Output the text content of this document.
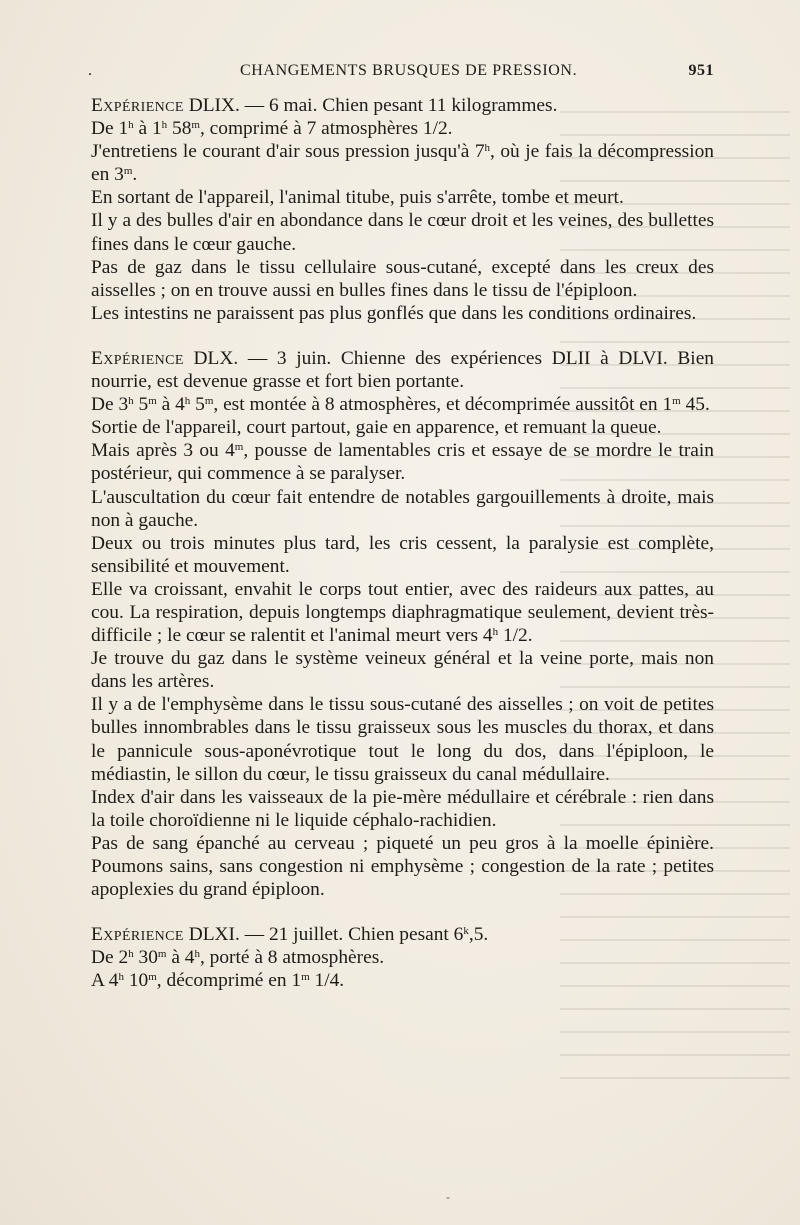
.	CHANGEMENTS BRUSQUES DE PRESSION.	951

Expérience DLIX. — 6 mai. Chien pesant 11 kilogrammes.

De 1$^h$ à 1$^h$ 58$^m$, comprimé à 7 atmosphères 1/2.

J'entretiens le courant d'air sous pression jusqu'à 7$^h$, où je fais la décompression en 3$^m$.

En sortant de l'appareil, l'animal titube, puis s'arrête, tombe et meurt.

Il y a des bulles d'air en abondance dans le cœur droit et les veines, des bullettes fines dans le cœur gauche.

Pas de gaz dans le tissu cellulaire sous-cutané, excepté dans les creux des aisselles ; on en trouve aussi en bulles fines dans le tissu de l'épiploon.

Les intestins ne paraissent pas plus gonflés que dans les conditions ordinaires.

Expérience DLX. — 3 juin. Chienne des expériences DLII à DLVI. Bien nourrie, est devenue grasse et fort bien portante.

De 3$^h$ 5$^m$ à 4$^h$ 5$^m$, est montée à 8 atmosphères, et décomprimée aussitôt en 1$^m$ 45.

Sortie de l'appareil, court partout, gaie en apparence, et remuant la queue.

Mais après 3 ou 4$^m$, pousse de lamentables cris et essaye de se mordre le train postérieur, qui commence à se paralyser.

L'auscultation du cœur fait entendre de notables gargouillements à droite, mais non à gauche.

Deux ou trois minutes plus tard, les cris cessent, la paralysie est complète, sensibilité et mouvement.

Elle va croissant, envahit le corps tout entier, avec des raideurs aux pattes, au cou. La respiration, depuis longtemps diaphragmatique seulement, devient très-difficile ; le cœur se ralentit et l'animal meurt vers 4$^h$ 1/2.

Je trouve du gaz dans le système veineux général et la veine porte, mais non dans les artères.

Il y a de l'emphysème dans le tissu sous-cutané des aisselles ; on voit de petites bulles innombrables dans le tissu graisseux sous les muscles du thorax, et dans le pannicule sous-aponévrotique tout le long du dos, dans l'épiploon, le médiastin, le sillon du cœur, le tissu graisseux du canal médullaire.

Index d'air dans les vaisseaux de la pie-mère médullaire et cérébrale : rien dans la toile choroïdienne ni le liquide céphalo-rachidien.

Pas de sang épanché au cerveau ; piqueté un peu gros à la moelle épinière. Poumons sains, sans congestion ni emphysème ; congestion de la rate ; petites apoplexies du grand épiploon.

Expérience DLXI. — 21 juillet. Chien pesant 6$^k$,5.

De 2$^h$ 30$^m$ à 4$^h$, porté à 8 atmosphères.

A 4$^h$ 10$^m$, décomprimé en 1$^m$ 1/4.

-
